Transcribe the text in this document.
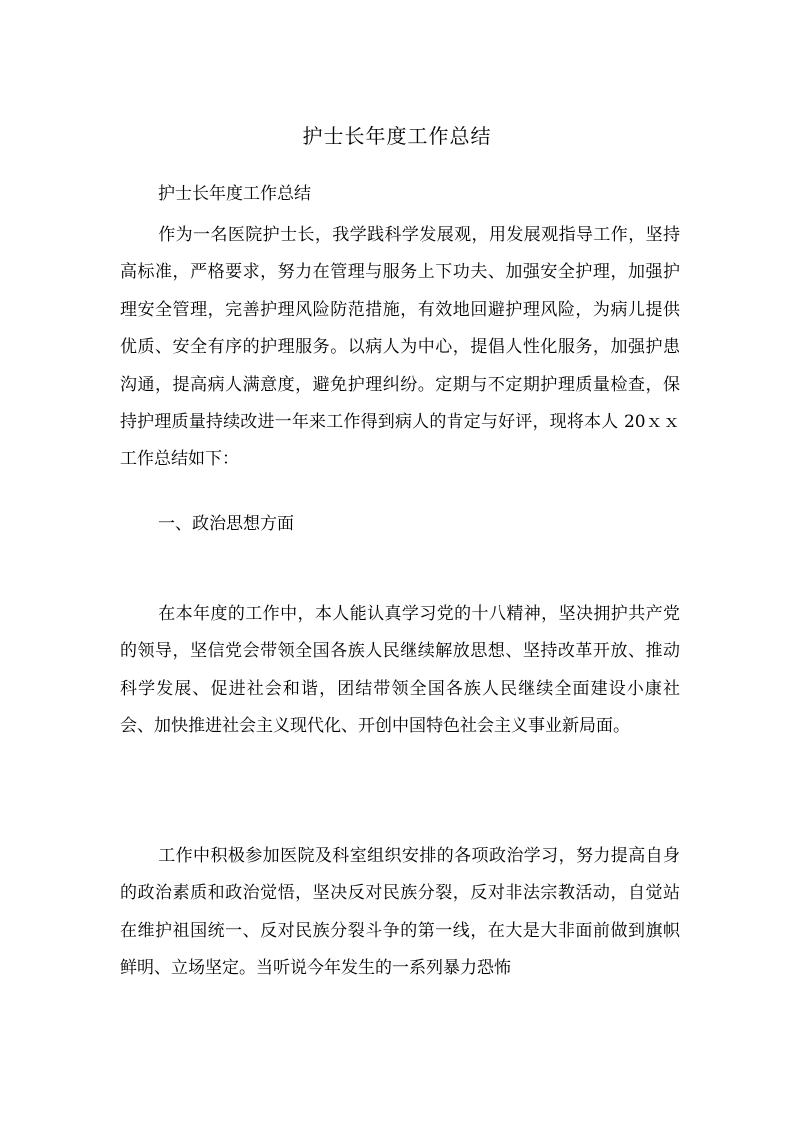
护士长年度工作总结
护士长年度工作总结
作为一名医院护士长，我学践科学发展观，用发展观指导工作，坚持高标准，严格要求，努力在管理与服务上下功夫、加强安全护理，加强护理安全管理，完善护理风险防范措施，有效地回避护理风险，为病儿提供优质、安全有序的护理服务。以病人为中心，提倡人性化服务，加强护患沟通，提高病人满意度，避免护理纠纷。定期与不定期护理质量检查，保持护理质量持续改进一年来工作得到病人的肯定与好评，现将本人 20ｘｘ工作总结如下：
一、政治思想方面
在本年度的工作中，本人能认真学习党的十八精神，坚决拥护共产党的领导，坚信党会带领全国各族人民继续解放思想、坚持改革开放、推动科学发展、促进社会和谐，团结带领全国各族人民继续全面建设小康社会、加快推进社会主义现代化、开创中国特色社会主义事业新局面。
工作中积极参加医院及科室组织安排的各项政治学习，努力提高自身的政治素质和政治觉悟，坚决反对民族分裂，反对非法宗教活动，自觉站在维护祖国统一、反对民族分裂斗争的第一线，在大是大非面前做到旗帜鲜明、立场坚定。当听说今年发生的一系列暴力恐怖
